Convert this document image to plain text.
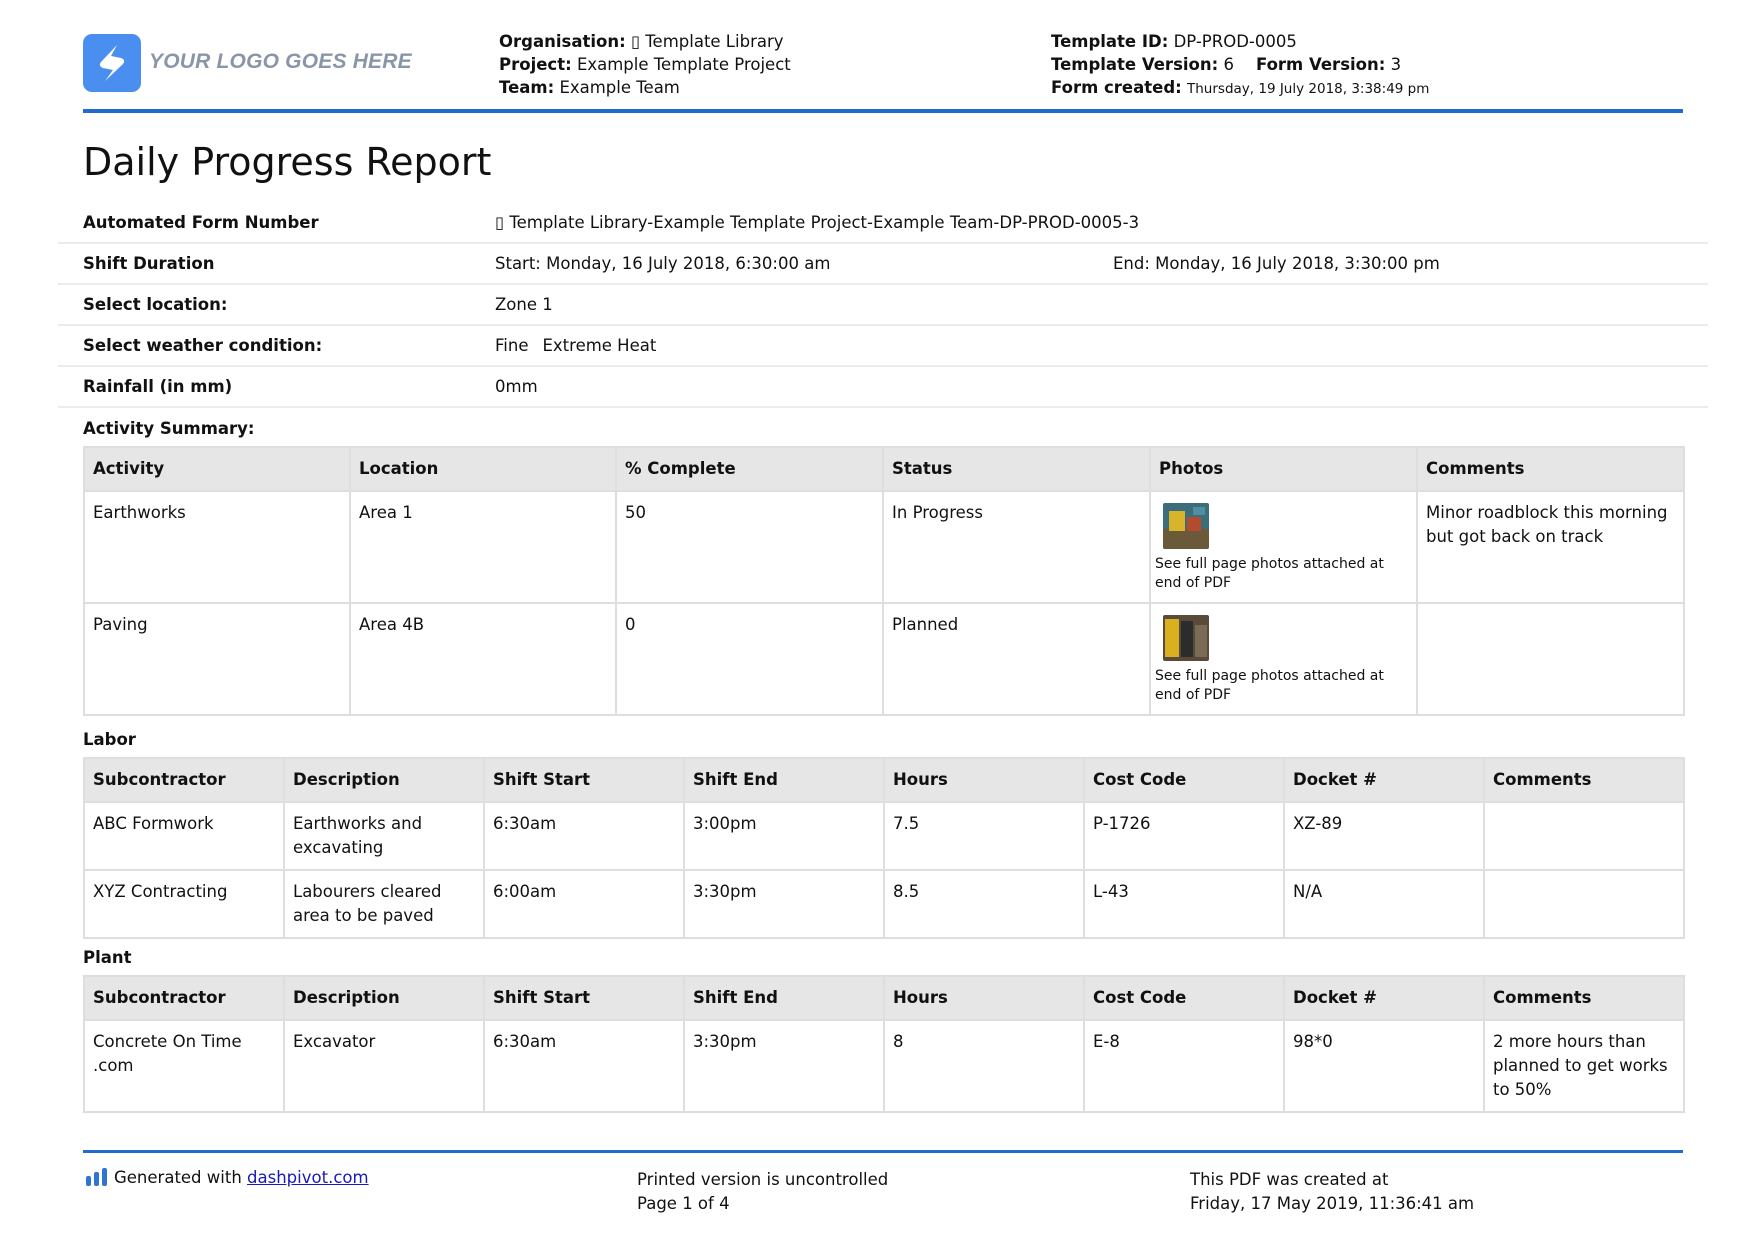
YOUR LOGO GOES HERE
Organisation: ▯ Template Library
Project: Example Template Project
Team: Example Team
Template ID: DP-PROD-0005
Template Version: 6 Form Version: 3
Form created: Thursday, 19 July 2018, 3:38:49 pm
Daily Progress Report
Automated Form Number	▯ Template Library-Example Template Project-Example Team-DP-PROD-0005-3
Shift Duration	Start: Monday, 16 July 2018, 6:30:00 am	End: Monday, 16 July 2018, 3:30:00 pm
Select location:	Zone 1
Select weather condition:	Fine Extreme Heat
Rainfall (in mm)	0mm
Activity Summary:
Activity	Location	% Complete	Status	Photos	Comments
Earthworks	Area 1	50	In Progress	See full page photos attached at end of PDF	Minor roadblock this morning but got back on track
Paving	Area 4B	0	Planned	See full page photos attached at end of PDF	

Labor
Subcontractor	Description	Shift Start	Shift End	Hours	Cost Code	Docket #	Comments
ABC Formwork	Earthworks and excavating	6:30am	3:00pm	7.5	P-1726	XZ-89	
XYZ Contracting	Labourers cleared area to be paved	6:00am	3:30pm	8.5	L-43	N/A	
Plant
Subcontractor	Description	Shift Start	Shift End	Hours	Cost Code	Docket #	Comments
Concrete On Time .com	Excavator	6:30am	3:30pm	8	E-8	98*0	2 more hours than planned to get works to 50%
Generated with dashpivot.com	Printed version is uncontrolled
Page 1 of 4
This PDF was created at
Friday, 17 May 2019, 11:36:41 am
